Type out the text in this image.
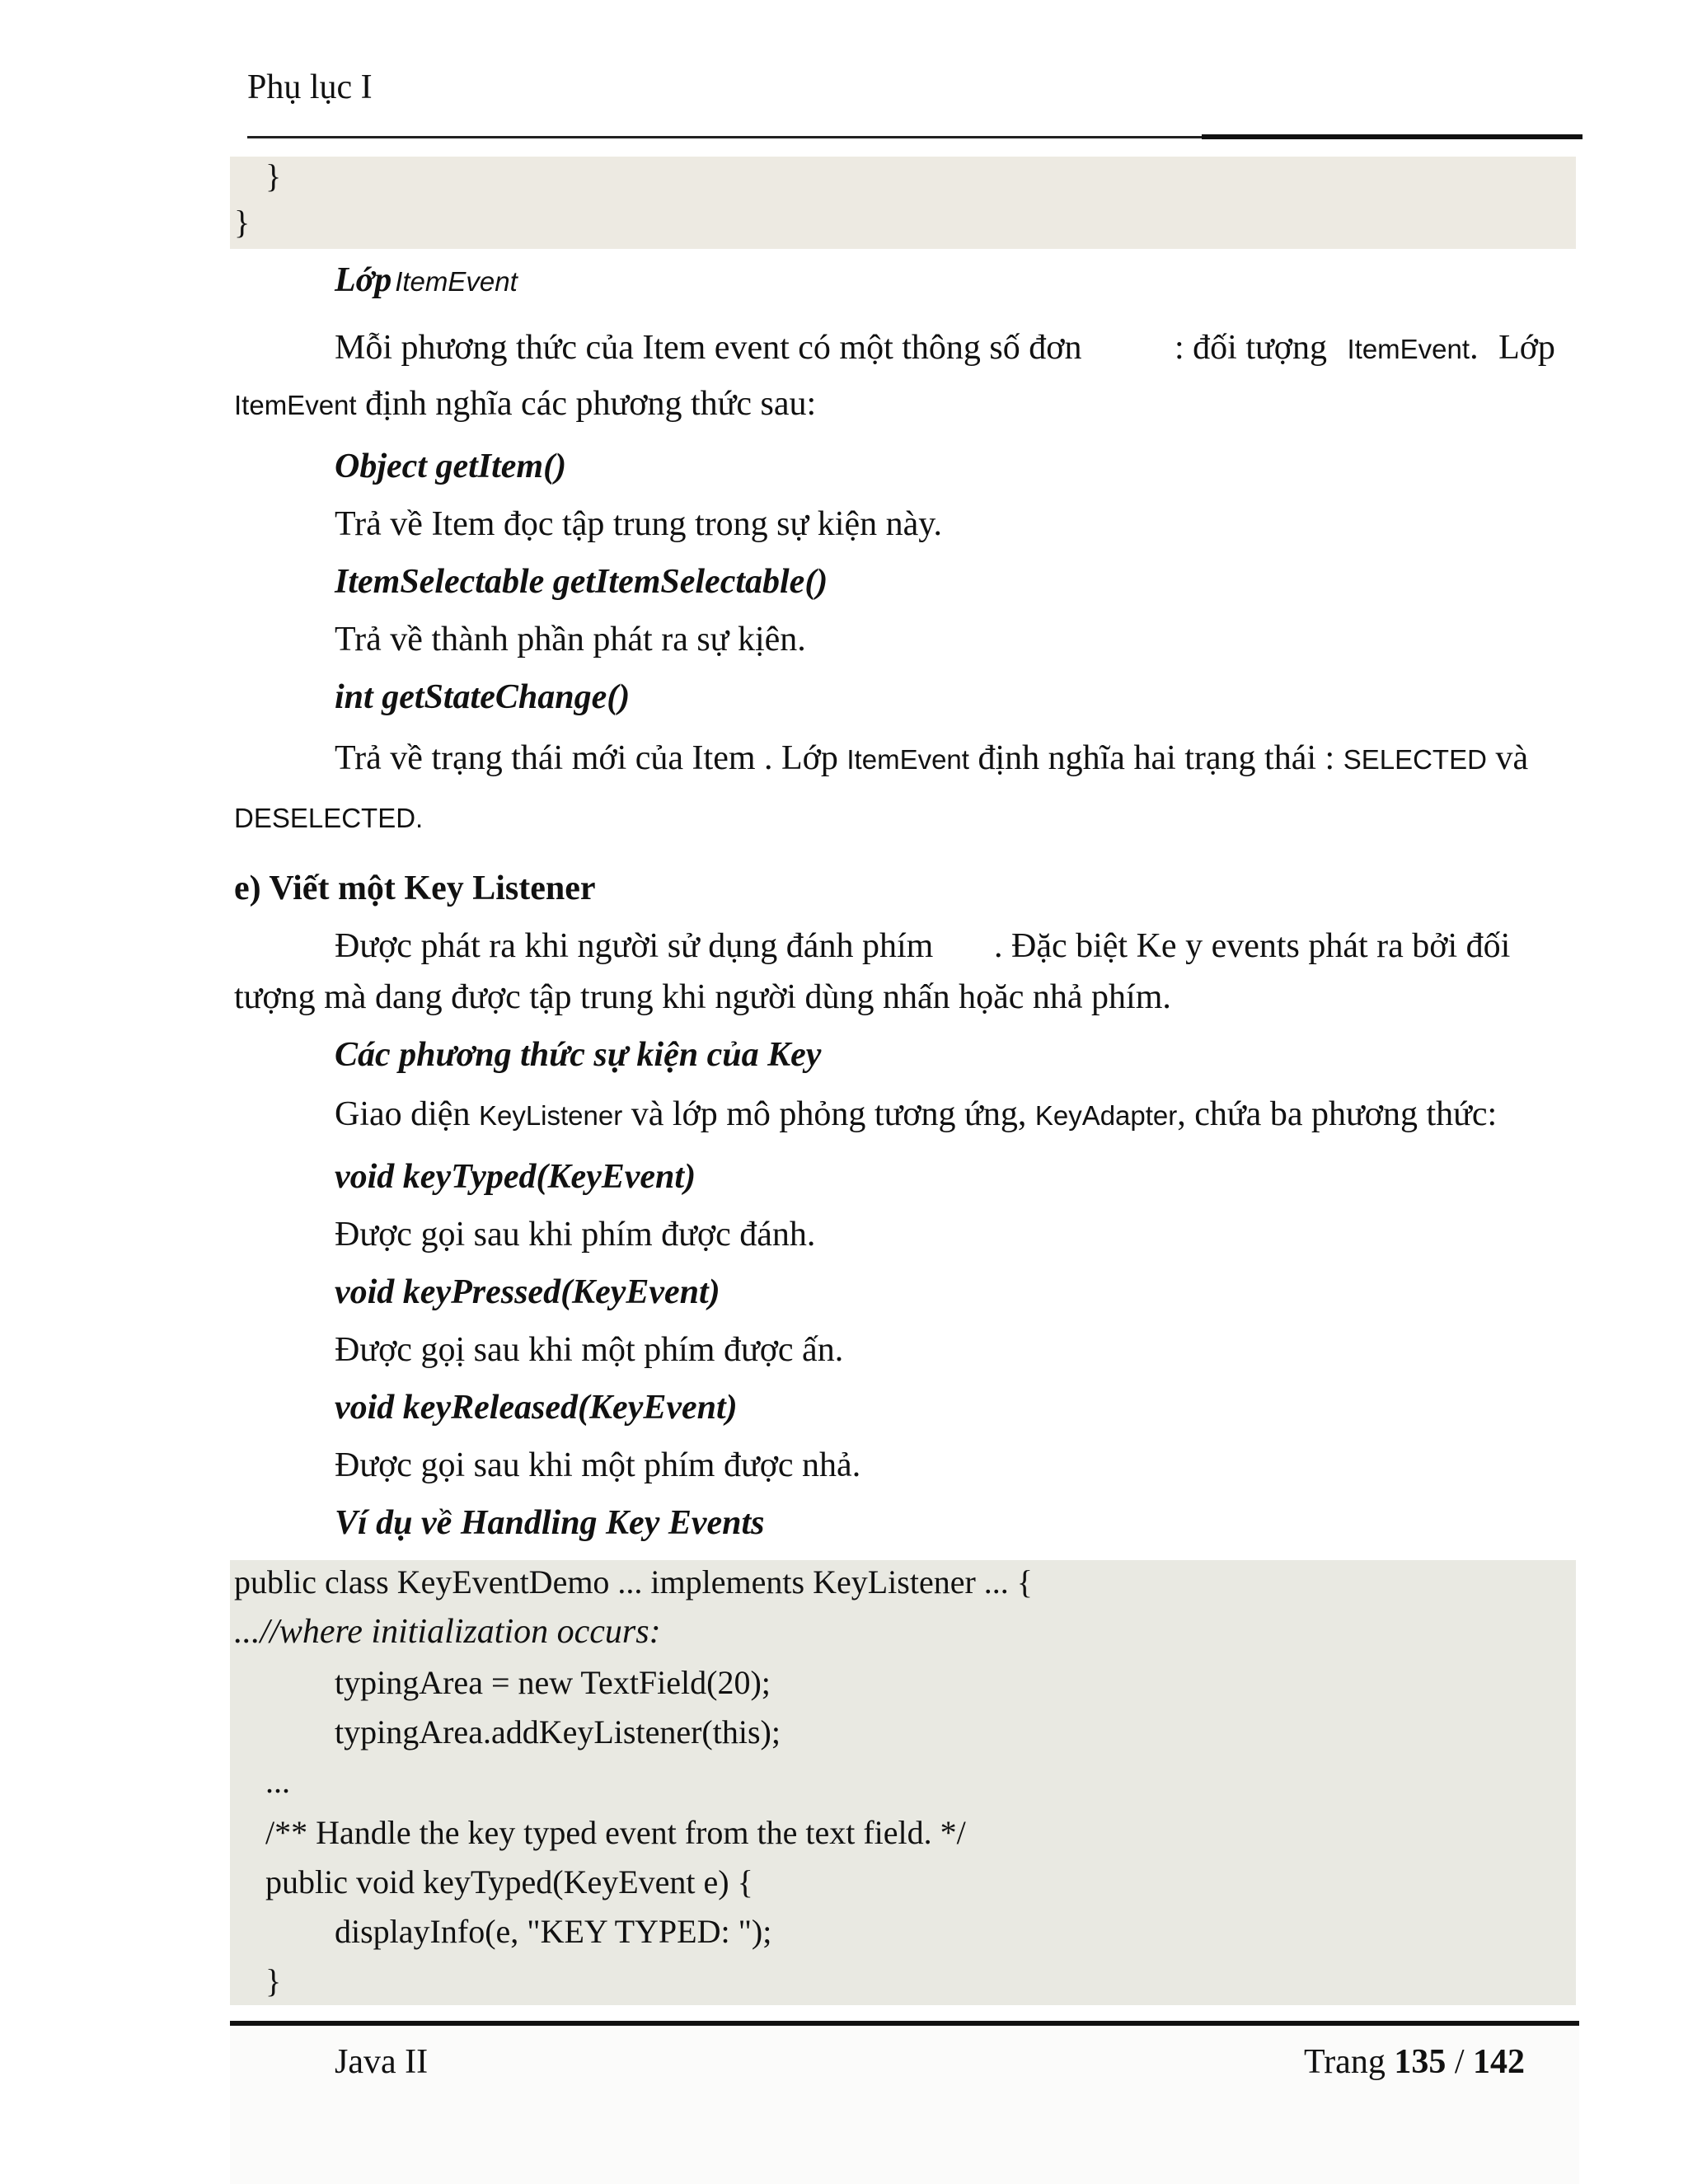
Phụ lục I
}
}
Lớp ItemEvent
Mỗi phương thức của Item event có một thông số đơn	: đối tượng ItemEvent. Lớp
ItemEvent định nghĩa các phương thức sau:
Object getItem()
Trả về Item đọc tập trung trong sự kiện này.
ItemSelectable getItemSelectable()
Trả về thành phần phát ra sự kịên.
int getStateChange()
Trả về trạng thái mới của Item . Lớp ItemEvent định nghĩa hai trạng thái : SELECTED và
DESELECTED.
e) Viết một Key Listener
Được phát ra khi người sử dụng đánh phím . Đặc biệt Ke y events phát ra bởi đối
tượng mà dang được tập trung khi người dùng nhấn họăc nhả phím.
Các phương thức sự kiện của Key
Giao diện KeyListener và lớp mô phỏng tương ứng, KeyAdapter, chứa ba phương thức:
void keyTyped(KeyEvent)
Được gọi sau khi phím được đánh.
void keyPressed(KeyEvent)
Được gọị sau khi một phím được ấn.
void keyReleased(KeyEvent)
Được gọi sau khi một phím được nhả.
Ví dụ về Handling Key Events
public class KeyEventDemo ... implements KeyListener ... {
...//where initialization occurs:
typingArea = new TextField(20);
typingArea.addKeyListener(this);
...
/** Handle the key typed event from the text field. */
public void keyTyped(KeyEvent e) {
displayInfo(e, "KEY TYPED: ");
}
Java II	Trang 135 / 142
